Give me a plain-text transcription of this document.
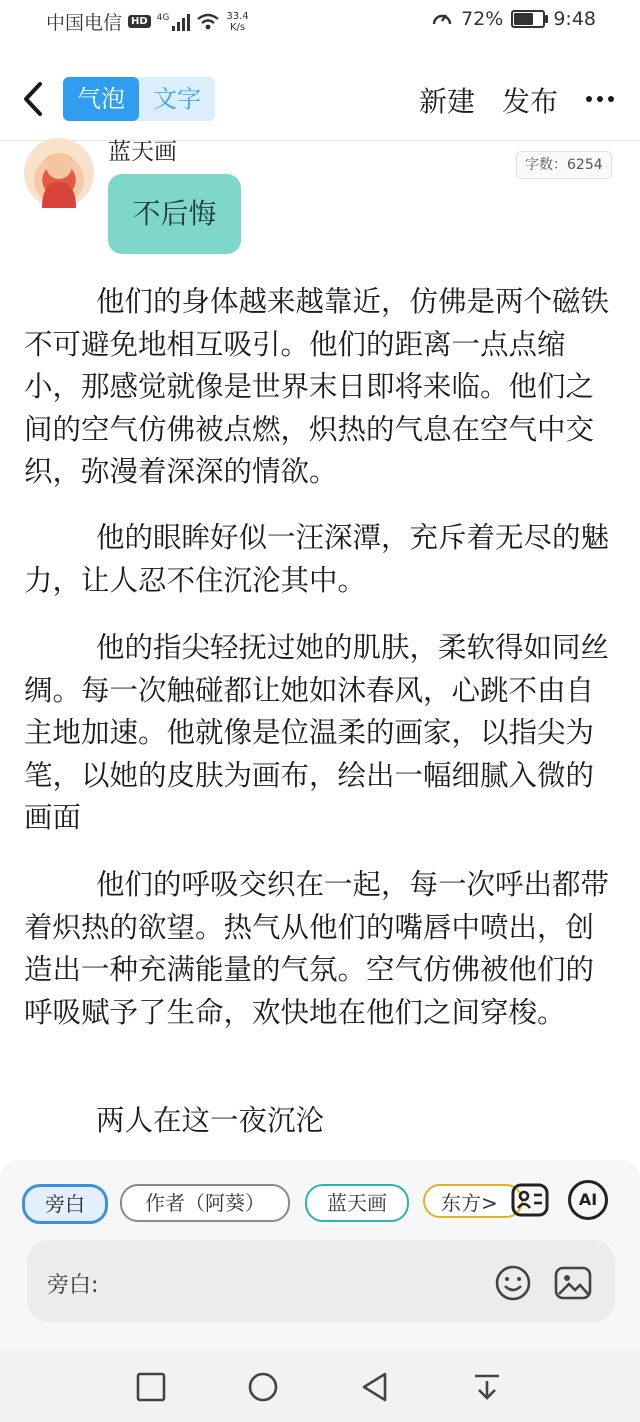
中国电信 HD	4G	33.4
K/s	72%	9:48
气泡	文字	新建 发布
蓝天画	字数：6254
不后悔
他们的身体越来越靠近，仿佛是两个磁铁不可避免地相互吸引。他们的距离一点点缩小，那感觉就像是世界末日即将来临。他们之间的空气仿佛被点燃，炽热的气息在空气中交织，弥漫着深深的情欲。
他的眼眸好似一汪深潭，充斥着无尽的魅力，让人忍不住沉沦其中。
他的指尖轻抚过她的肌肤，柔软得如同丝绸。每一次触碰都让她如沐春风，心跳不由自主地加速。他就像是位温柔的画家，以指尖为笔，以她的皮肤为画布，绘出一幅细腻入微的画面
他们的呼吸交织在一起，每一次呼出都带着炽热的欲望。热气从他们的嘴唇中喷出，创造出一种充满能量的气氛。空气仿佛被他们的呼吸赋予了生命，欢快地在他们之间穿梭。
两人在这一夜沉沦
旁白	作者（阿葵）	蓝天画	东方>	AI
旁白:
